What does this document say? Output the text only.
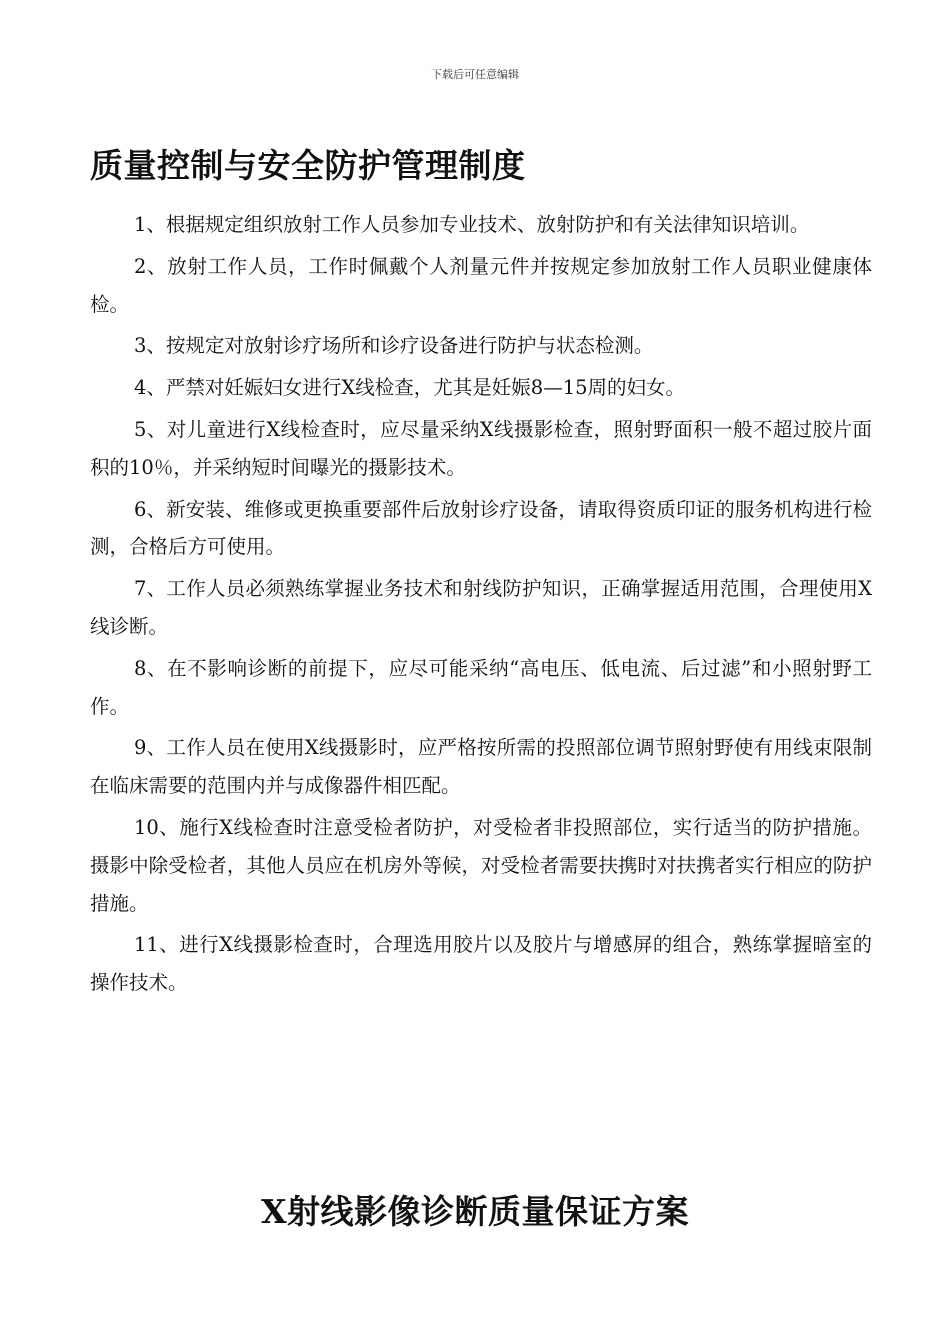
下载后可任意编辑
质量控制与安全防护管理制度
1、根据规定组织放射工作人员参加专业技术、放射防护和有关法律知识培训。
2、放射工作人员，工作时佩戴个人剂量元件并按规定参加放射工作人员职业健康体检。
3、按规定对放射诊疗场所和诊疗设备进行防护与状态检测。
4、严禁对妊娠妇女进行X线检查，尤其是妊娠8—15周的妇女。
5、对儿童进行X线检查时，应尽量采纳X线摄影检查，照射野面积一般不超过胶片面积的10％，并采纳短时间曝光的摄影技术。
6、新安装、维修或更换重要部件后放射诊疗设备，请取得资质印证的服务机构进行检测，合格后方可使用。
7、工作人员必须熟练掌握业务技术和射线防护知识，正确掌握适用范围，合理使用X线诊断。
8、在不影响诊断的前提下，应尽可能采纳“高电压、低电流、后过滤”和小照射野工作。
9、工作人员在使用X线摄影时，应严格按所需的投照部位调节照射野使有用线束限制在临床需要的范围内并与成像器件相匹配。
10、施行X线检查时注意受检者防护，对受检者非投照部位，实行适当的防护措施。摄影中除受检者，其他人员应在机房外等候，对受检者需要扶携时对扶携者实行相应的防护措施。
11、进行X线摄影检查时，合理选用胶片以及胶片与增感屏的组合，熟练掌握暗室的操作技术。
X射线影像诊断质量保证方案
